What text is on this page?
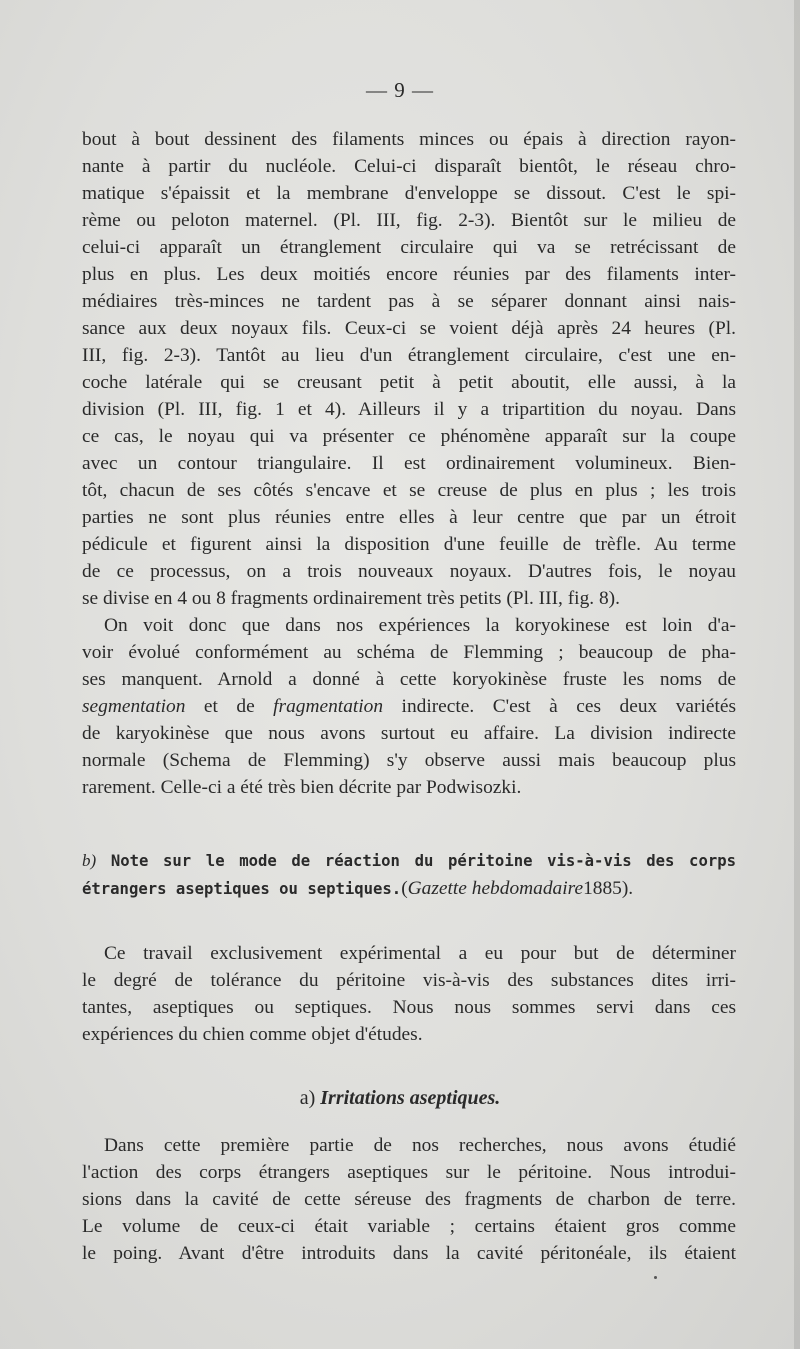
— 9 —
bout à bout dessinent des filaments minces ou épais à direction rayon-
nante à partir du nucléole. Celui-ci disparaît bientôt, le réseau chro-
matique s'épaissit et la membrane d'enveloppe se dissout. C'est le spi-
rème ou peloton maternel. (Pl. III, fig. 2-3). Bientôt sur le milieu de
celui-ci apparaît un étranglement circulaire qui va se retrécissant de
plus en plus. Les deux moitiés encore réunies par des filaments inter-
médiaires très-minces ne tardent pas à se séparer donnant ainsi nais-
sance aux deux noyaux fils. Ceux-ci se voient déjà après 24 heures (Pl.
III, fig. 2-3). Tantôt au lieu d'un étranglement circulaire, c'est une en-
coche latérale qui se creusant petit à petit aboutit, elle aussi, à la
division (Pl. III, fig. 1 et 4). Ailleurs il y a tripartition du noyau. Dans
ce cas, le noyau qui va présenter ce phénomène apparaît sur la coupe
avec un contour triangulaire. Il est ordinairement volumineux. Bien-
tôt, chacun de ses côtés s'encave et se creuse de plus en plus ; les trois
parties ne sont plus réunies entre elles à leur centre que par un étroit
pédicule et figurent ainsi la disposition d'une feuille de trèfle. Au terme
de ce processus, on a trois nouveaux noyaux. D'autres fois, le noyau
se divise en 4 ou 8 fragments ordinairement très petits (Pl. III, fig. 8).
On voit donc que dans nos expériences la koryokinese est loin d'a-
voir évolué conformément au schéma de Flemming ; beaucoup de pha-
ses manquent. Arnold a donné à cette koryokinèse fruste les noms de
segmentation et de fragmentation indirecte. C'est à ces deux variétés
de karyokinèse que nous avons surtout eu affaire. La division indirecte
normale (Schema de Flemming) s'y observe aussi mais beaucoup plus
rarement. Celle-ci a été très bien décrite par Podwisozki.
b) Note sur le mode de réaction du péritoine vis-à-vis des corps
étrangers aseptiques ou septiques.(Gazette hebdomadaire1885).
Ce travail exclusivement expérimental a eu pour but de déterminer
le degré de tolérance du péritoine vis-à-vis des substances dites irri-
tantes, aseptiques ou septiques. Nous nous sommes servi dans ces
expériences du chien comme objet d'études.
a) Irritations aseptiques.
Dans cette première partie de nos recherches, nous avons étudié
l'action des corps étrangers aseptiques sur le péritoine. Nous introdui-
sions dans la cavité de cette séreuse des fragments de charbon de terre.
Le volume de ceux-ci était variable ; certains étaient gros comme
le poing. Avant d'être introduits dans la cavité péritonéale, ils étaient
